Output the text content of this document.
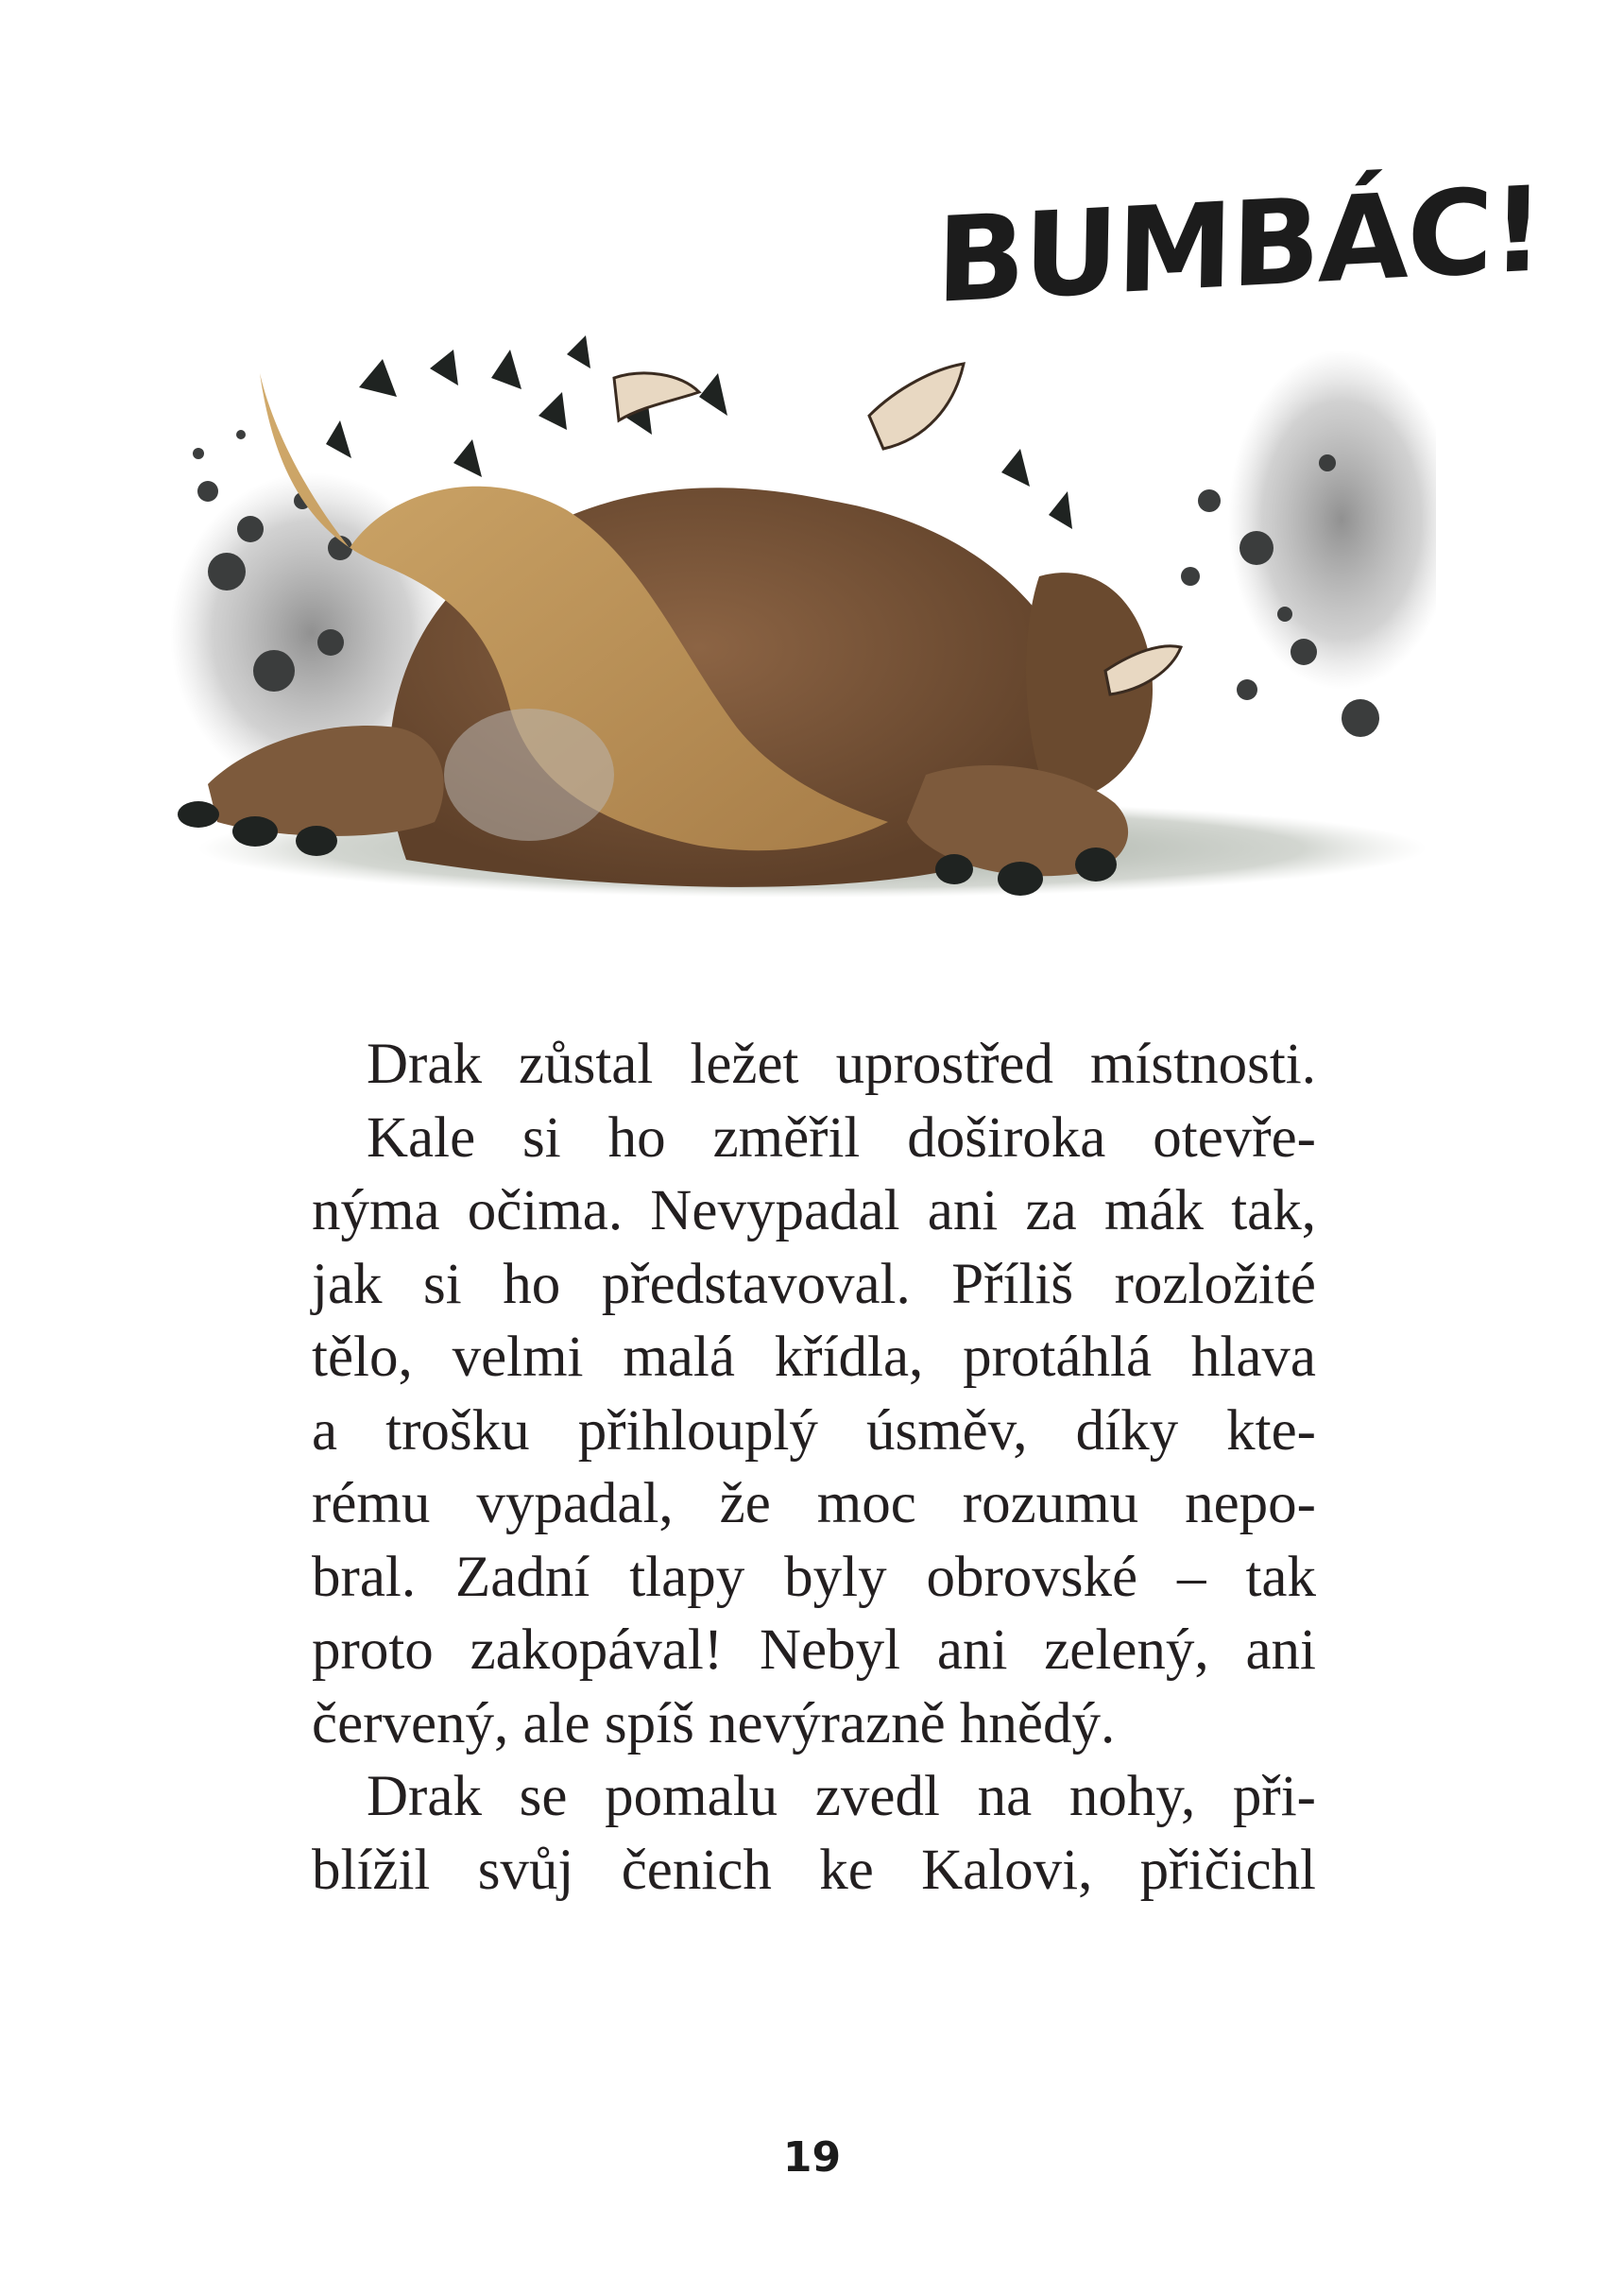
BUMBÁC!
Drak zůstal ležet uprostřed místnosti.
Kale si ho změřil doširoka otevře-
nýma očima. Nevypadal ani za mák tak,
jak si ho představoval. Příliš rozložité
tělo, velmi malá křídla, protáhlá hlava
a trošku přihlouplý úsměv, díky kte-
rému vypadal, že moc rozumu nepo-
bral. Zadní tlapy byly obrovské – tak
proto zakopával! Nebyl ani zelený, ani
červený, ale spíš nevýrazně hnědý.
Drak se pomalu zvedl na nohy, při-
blížil svůj čenich ke Kalovi, přičichl
19
